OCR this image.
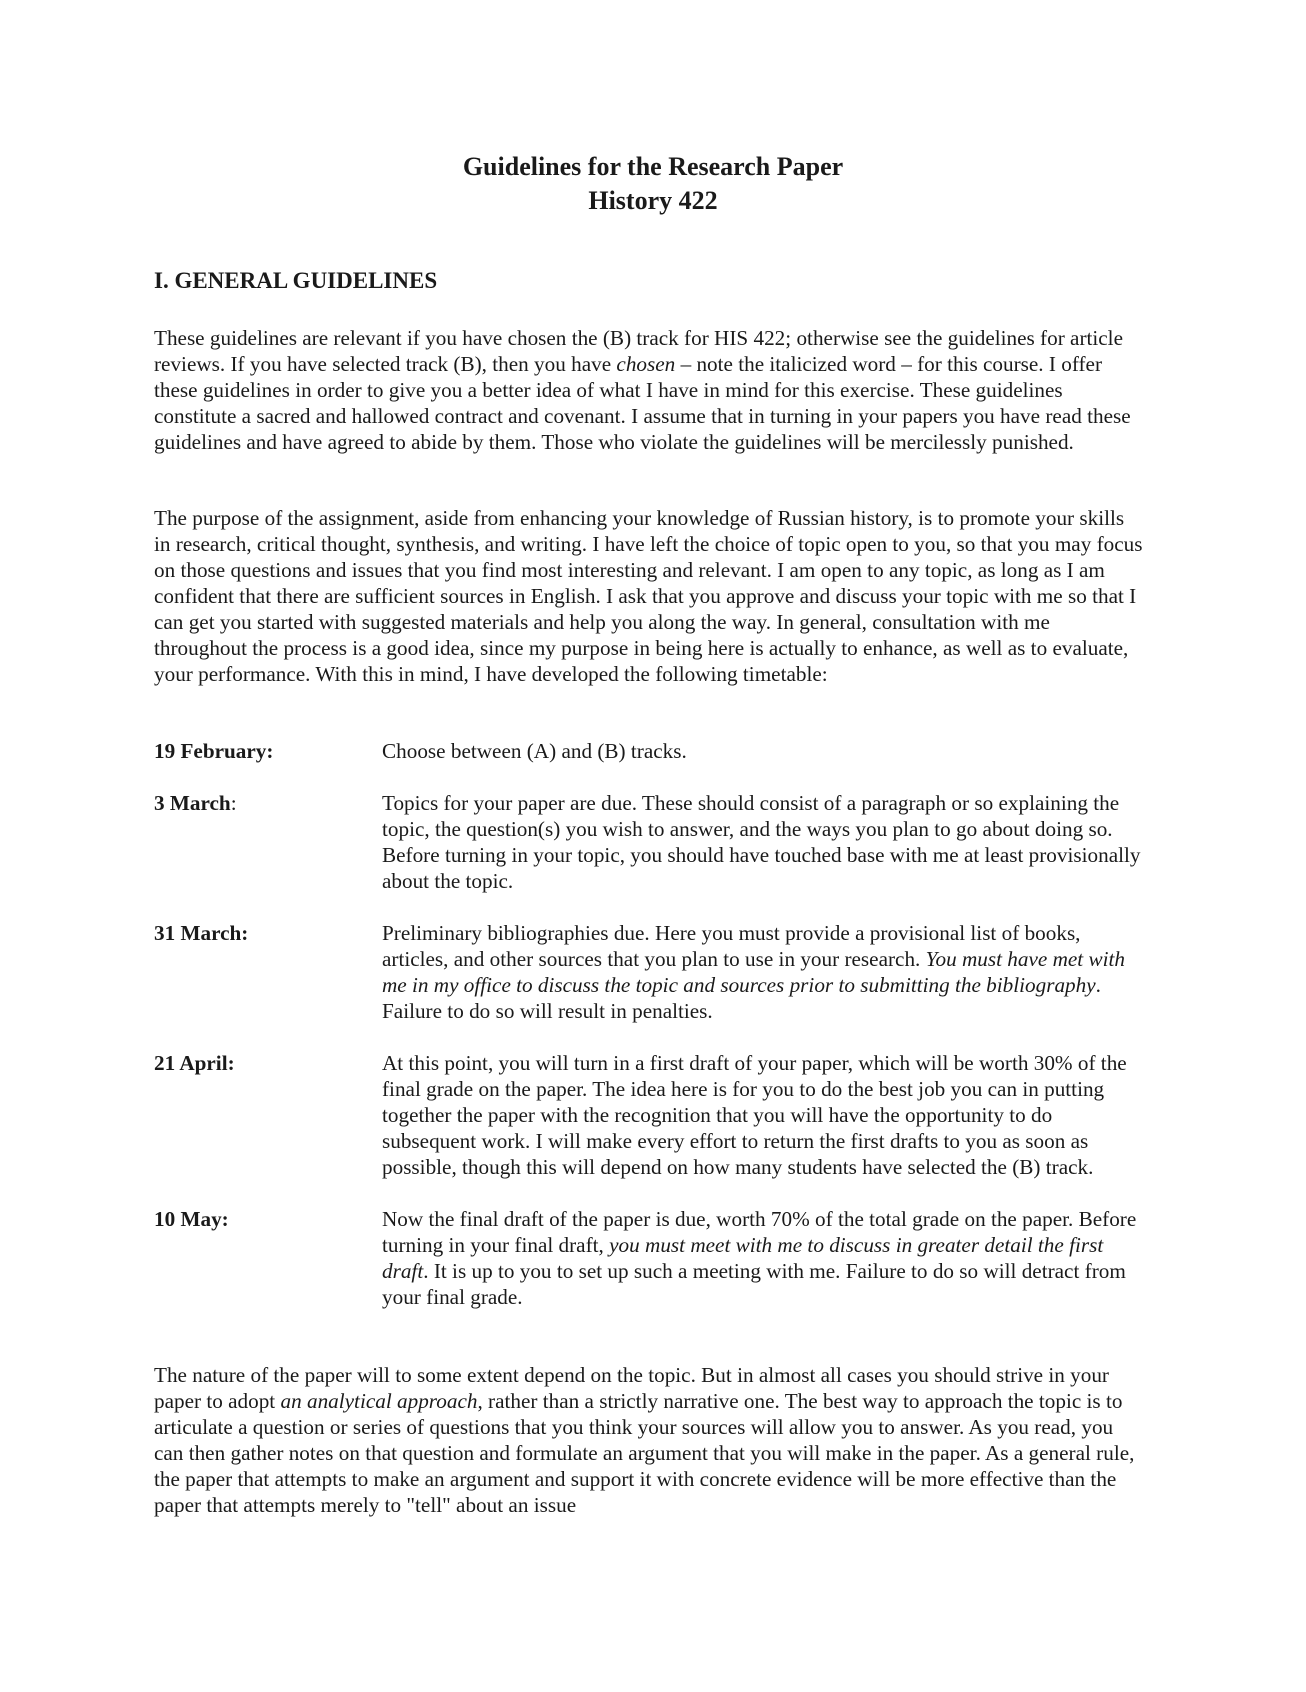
Guidelines for the Research Paper
History 422
I. GENERAL GUIDELINES

These guidelines are relevant if you have chosen the (B) track for HIS 422; otherwise see the guidelines for article reviews. If you have selected track (B), then you have chosen – note the italicized word – for this course. I offer these guidelines in order to give you a better idea of what I have in mind for this exercise. These guidelines constitute a sacred and hallowed contract and covenant. I assume that in turning in your papers you have read these guidelines and have agreed to abide by them. Those who violate the guidelines will be mercilessly punished.

The purpose of the assignment, aside from enhancing your knowledge of Russian history, is to promote your skills in research, critical thought, synthesis, and writing. I have left the choice of topic open to you, so that you may focus on those questions and issues that you find most interesting and relevant. I am open to any topic, as long as I am confident that there are sufficient sources in English. I ask that you approve and discuss your topic with me so that I can get you started with suggested materials and help you along the way. In general, consultation with me throughout the process is a good idea, since my purpose in being here is actually to enhance, as well as to evaluate, your performance. With this in mind, I have developed the following timetable:

19 February:	Choose between (A) and (B) tracks.
3 March:	Topics for your paper are due. These should consist of a paragraph or so explaining the topic, the question(s) you wish to answer, and the ways you plan to go about doing so. Before turning in your topic, you should have touched base with me at least provisionally about the topic.
31 March:	Preliminary bibliographies due. Here you must provide a provisional list of books, articles, and other sources that you plan to use in your research. You must have met with me in my office to discuss the topic and sources prior to submitting the bibliography. Failure to do so will result in penalties.
21 April:	At this point, you will turn in a first draft of your paper, which will be worth 30% of the final grade on the paper. The idea here is for you to do the best job you can in putting together the paper with the recognition that you will have the opportunity to do subsequent work. I will make every effort to return the first drafts to you as soon as possible, though this will depend on how many students have selected the (B) track.
10 May:	Now the final draft of the paper is due, worth 70% of the total grade on the paper. Before turning in your final draft, you must meet with me to discuss in greater detail the first draft. It is up to you to set up such a meeting with me. Failure to do so will detract from your final grade.

The nature of the paper will to some extent depend on the topic. But in almost all cases you should strive in your paper to adopt an analytical approach, rather than a strictly narrative one. The best way to approach the topic is to articulate a question or series of questions that you think your sources will allow you to answer. As you read, you can then gather notes on that question and formulate an argument that you will make in the paper. As a general rule, the paper that attempts to make an argument and support it with concrete evidence will be more effective than the paper that attempts merely to "tell" about an issue
